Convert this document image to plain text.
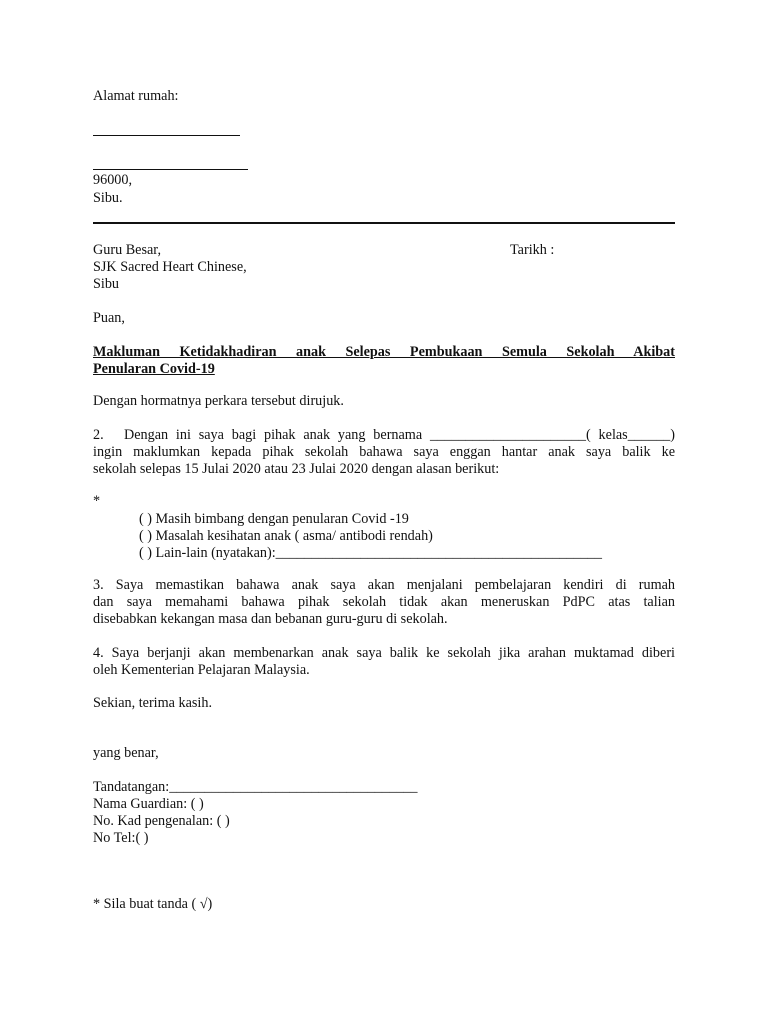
Alamat rumah:
96000,
Sibu.
Guru Besar,	Tarikh :
SJK Sacred Heart Chinese,
Sibu
Puan,
Makluman Ketidakhadiran anak Selepas Pembukaan Semula Sekolah Akibat
Penularan Covid-19
Dengan hormatnya perkara tersebut dirujuk.
2. Dengan ini saya bagi pihak anak yang bernama ______________________( kelas______)
ingin maklumkan kepada pihak sekolah bahawa saya enggan hantar anak saya balik ke
sekolah selepas 15 Julai 2020 atau 23 Julai 2020 dengan alasan berikut:
*
( ) Masih bimbang dengan penularan Covid -19
( ) Masalah kesihatan anak ( asma/ antibodi rendah)
( ) Lain-lain (nyatakan):______________________________________________
3. Saya memastikan bahawa anak saya akan menjalani pembelajaran kendiri di rumah
dan saya memahami bahawa pihak sekolah tidak akan meneruskan PdPC atas talian
disebabkan kekangan masa dan bebanan guru-guru di sekolah.
4. Saya berjanji akan membenarkan anak saya balik ke sekolah jika arahan muktamad diberi
oleh Kementerian Pelajaran Malaysia.
Sekian, terima kasih.
yang benar,
Tandatangan:___________________________________
Nama Guardian: ( )
No. Kad pengenalan: ( )
No Tel:( )
* Sila buat tanda ( √)
